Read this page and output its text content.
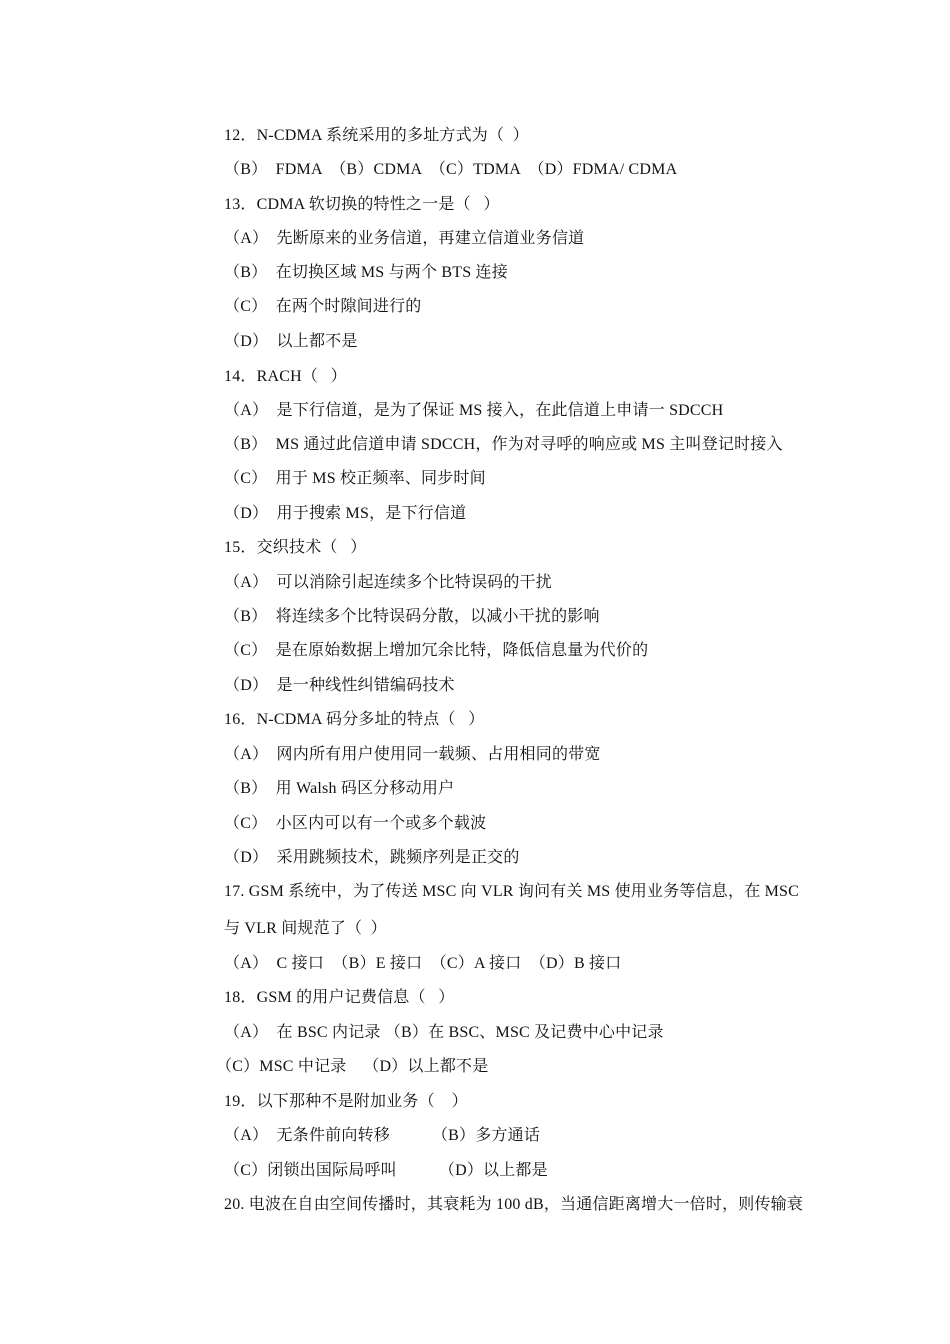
12．N-CDMA 系统采用的多址方式为（  ）
（B）  FDMA  （B）CDMA  （C）TDMA  （D）FDMA/ CDMA
13．CDMA 软切换的特性之一是（   ）
（A）  先断原来的业务信道，再建立信道业务信道
（B）  在切换区域 MS 与两个 BTS 连接
（C）  在两个时隙间进行的
（D）  以上都不是
14．RACH（   ）
（A）  是下行信道，是为了保证 MS 接入，在此信道上申请一 SDCCH
（B）  MS 通过此信道申请 SDCCH，作为对寻呼的响应或 MS 主叫登记时接入
（C）  用于 MS 校正频率、同步时间
（D）  用于搜索 MS，是下行信道
15．交织技术（   ）
（A）  可以消除引起连续多个比特误码的干扰
（B）  将连续多个比特误码分散，以减小干扰的影响
（C）  是在原始数据上增加冗余比特，降低信息量为代价的
（D）  是一种线性纠错编码技术
16．N-CDMA 码分多址的特点（   ）
（A）  网内所有用户使用同一载频、占用相同的带宽
（B）  用 Walsh 码区分移动用户
（C）  小区内可以有一个或多个载波
（D）  采用跳频技术，跳频序列是正交的
17. GSM 系统中，为了传送 MSC 向 VLR 询问有关 MS 使用业务等信息，在 MSC
与 VLR 间规范了（  ）
（A）  C 接口  （B）E 接口  （C）A 接口  （D）B 接口
18．GSM 的用户记费信息（   ）
（A）  在 BSC 内记录 （B）在 BSC、MSC 及记费中心中记录
（C）MSC 中记录    （D）以上都不是
19．以下那种不是附加业务（    ）
（A）  无条件前向转移          （B）多方通话
（C）闭锁出国际局呼叫          （D）以上都是
20. 电波在自由空间传播时，其衰耗为 100 dB，当通信距离增大一倍时，则传输衰
